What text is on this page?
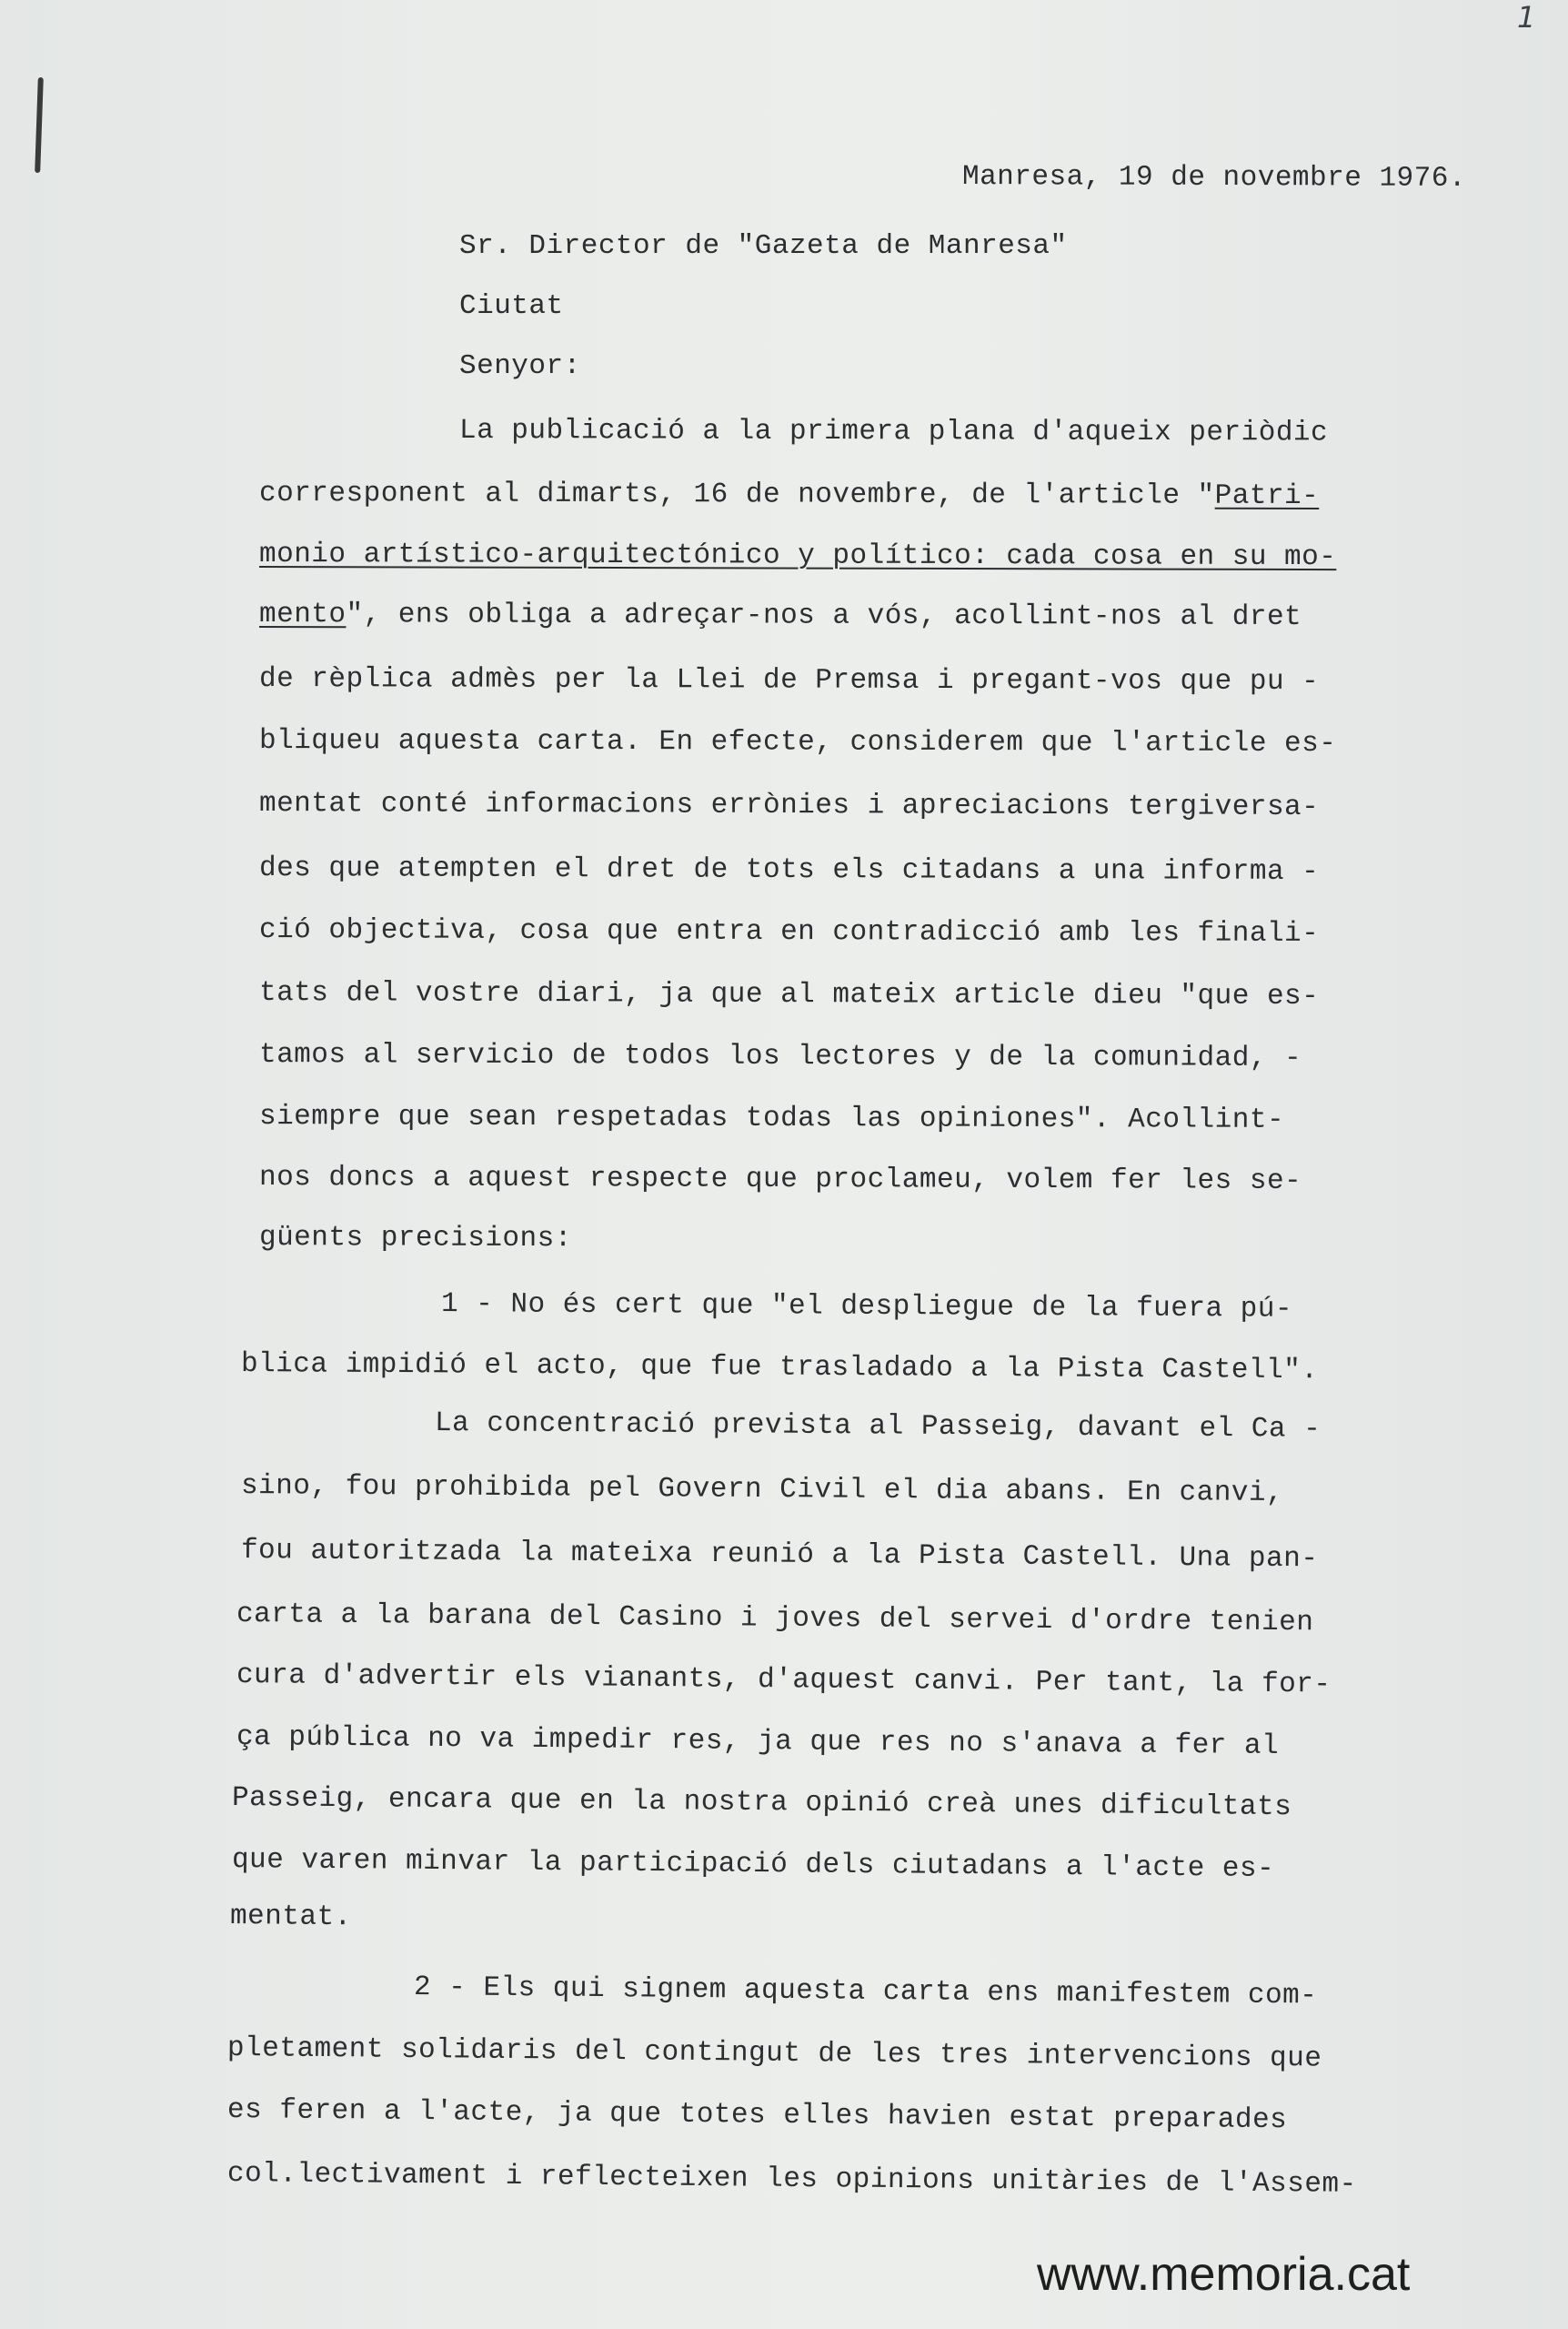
1
Manresa, 19 de novembre 1976.
Sr. Director de "Gazeta de Manresa"
Ciutat
Senyor:
La publicació a la primera plana d'aqueix periòdic
corresponent al dimarts, 16 de novembre, de l'article "Patri-
monio artístico-arquitectónico y político: cada cosa en su mo-
mento", ens obliga a adreçar-nos a vós, acollint-nos al dret
de rèplica admès per la Llei de Premsa i pregant-vos que pu -
bliqueu aquesta carta. En efecte, considerem que l'article es-
mentat conté informacions errònies i apreciacions tergiversa-
des que atempten el dret de tots els citadans a una informa -
ció objectiva, cosa que entra en contradicció amb les finali-
tats del vostre diari, ja que al mateix article dieu "que es-
tamos al servicio de todos los lectores y de la comunidad, -
siempre que sean respetadas todas las opiniones". Acollint-
nos doncs a aquest respecte que proclameu, volem fer les se-
güents precisions:
1 - No és cert que "el despliegue de la fuera pú-
blica impidió el acto, que fue trasladado a la Pista Castell".
La concentració prevista al Passeig, davant el Ca -
sino, fou prohibida pel Govern Civil el dia abans. En canvi,
fou autoritzada la mateixa reunió a la Pista Castell. Una pan-
carta a la barana del Casino i joves del servei d'ordre tenien
cura d'advertir els vianants, d'aquest canvi. Per tant, la for-
ça pública no va impedir res, ja que res no s'anava a fer al
Passeig, encara que en la nostra opinió creà unes dificultats
que varen minvar la participació dels ciutadans a l'acte es-
mentat.
2 - Els qui signem aquesta carta ens manifestem com-
pletament solidaris del contingut de les tres intervencions que
es feren a l'acte, ja que totes elles havien estat preparades
col.lectivament i reflecteixen les opinions unitàries de l'Assem-
www.memoria.cat
